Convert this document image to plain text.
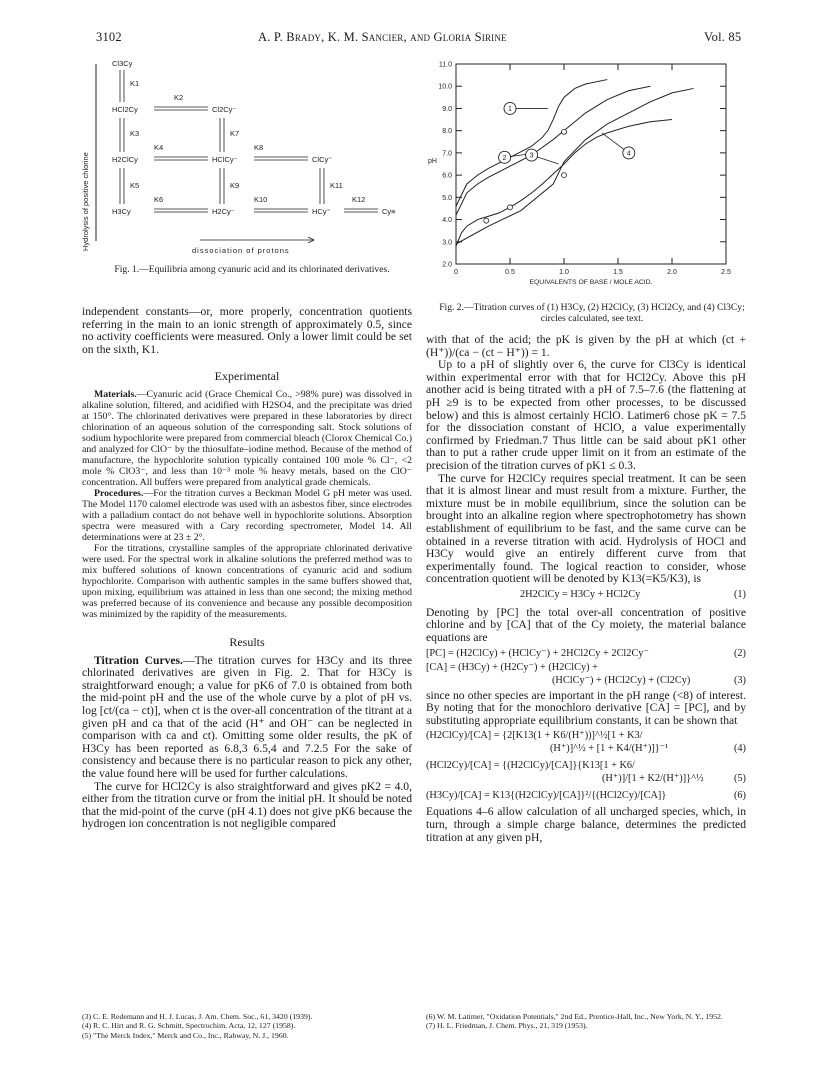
3102	A. P. Brady, K. M. Sancier, and Gloria Sirine	Vol. 85
Hydrolysis of positive chlorine
Cl3Cy
HCl2Cy	Cl2Cy⁻
H2ClCy	HClCy⁻	ClCy⁼
H3Cy	H2Cy⁻	HCy⁼	Cy≡
K1
K2
K3
K4
K5
K6
K7
K8
K9
K10
K11
K12
dissociation of protons
Fig. 1.—Equilibria among cyanuric acid and its chlorinated derivatives.	2.0
3.0
4.0
5.0
6.0
7.0
8.0
9.0
10.0
11.0
0	0.5	1.0	1.5	2.0	2.5
pH
EQUIVALENTS OF BASE / MOLE ACID.
1
2	3	4
Fig. 2.—Titration curves of (1) H3Cy, (2) H2ClCy, (3) HCl2Cy, and (4) Cl3Cy; circles calculated, see text.

independent constants—or, more properly, concentration quotients referring in the main to an ionic strength of approximately 0.5, since no activity coefficients were measured. Only a lower limit could be set on the sixth, K1.

Experimental

Materials.—Cyanuric acid (Grace Chemical Co., >98% pure) was dissolved in alkaline solution, filtered, and acidified with H2SO4, and the precipitate was dried at 150°. The chlorinated derivatives were prepared in these laboratories by direct chlorination of an aqueous solution of the corresponding salt. Stock solutions of sodium hypochlorite were prepared from commercial bleach (Clorox Chemical Co.) and analyzed for ClO⁻ by the thiosulfate–iodine method. Because of the method of manufacture, the hypochlorite solution typically contained 100 mole % Cl⁻, <2 mole % ClO3⁻, and less than 10⁻³ mole % heavy metals, based on the ClO⁻ concentration. All buffers were prepared from analytical grade chemicals.

Procedures.—For the titration curves a Beckman Model G pH meter was used. The Model 1170 calomel electrode was used with an asbestos fiber, since electrodes with a palladium contact do not behave well in hypochlorite solutions. Absorption spectra were measured with a Cary recording spectrometer, Model 14. All determinations were at 23 ± 2°.

For the titrations, crystalline samples of the appropriate chlorinated derivative were used. For the spectral work in alkaline solutions the preferred method was to mix buffered solutions of known concentrations of cyanuric acid and sodium hypochlorite. Comparison with authentic samples in the same buffers showed that, upon mixing, equilibrium was attained in less than one second; the mixing method was preferred because of its convenience and because any possible decomposition was minimized by the rapidity of the measurements.

Results

Titration Curves.—The titration curves for H3Cy and its three chlorinated derivatives are given in Fig. 2. That for H3Cy is straightforward enough; a value for pK6 of 7.0 is obtained from both the mid-point pH and the use of the whole curve by a plot of pH vs. log [ct/(ca − ct)], when ct is the over-all concentration of the titrant at a given pH and ca that of the acid (H⁺ and OH⁻ can be neglected in comparison with ca and ct). Omitting some older results, the pK of H3Cy has been reported as 6.8,3 6.5,4 and 7.2.5 For the sake of consistency and because there is no particular reason to pick any other, the value found here will be used for further calculations.

The curve for HCl2Cy is also straightforward and gives pK2 = 4.0, either from the titration curve or from the initial pH. It should be noted that the mid-point of the curve (pH 4.1) does not give pK6 because the hydrogen ion concentration is not negligible compared

(3) C. E. Redemann and H. J. Lucas, J. Am. Chem. Soc., 61, 3420 (1939).
(4) R. C. Hirt and R. G. Schmitt, Spectrochim. Acta, 12, 127 (1958).
(5) "The Merck Index," Merck and Co., Inc., Rahway, N. J., 1960.

with that of the acid; the pK is given by the pH at which (ct + (H⁺))/(ca − (ct − H⁺)) = 1.

Up to a pH of slightly over 6, the curve for Cl3Cy is identical within experimental error with that for HCl2Cy. Above this pH another acid is being titrated with a pH of 7.5–7.6 (the flattening at pH ≥9 is to be expected from other processes, to be discussed below) and this is almost certainly HClO. Latimer6 chose pK = 7.5 for the dissociation constant of HClO, a value experimentally confirmed by Friedman.7 Thus little can be said about pK1 other than to put a rather crude upper limit on it from an estimate of the precision of the titration curves of pK1 ≤ 0.3.

The curve for H2ClCy requires special treatment. It can be seen that it is almost linear and must result from a mixture. Further, the mixture must be in mobile equilibrium, since the solution can be brought into an alkaline region where spectrophotometry has shown establishment of equilibrium to be fast, and the same curve can be obtained in a reverse titration with acid. Hydrolysis of HOCl and H3Cy would give an entirely different curve from that experimentally found. The logical reaction to consider, whose concentration quotient will be denoted by K13(=K5/K3), is

2H2ClCy = H3Cy + HCl2Cy	(1)

Denoting by [PC] the total over-all concentration of positive chlorine and by [CA] that of the Cy moiety, the material balance equations are

[PC] = (H2ClCy) + (HClCy⁻) + 2HCl2Cy + 2Cl2Cy⁻	(2)
[CA] = (H3Cy) + (H2Cy⁻) + (H2ClCy) +
(HClCy⁻) + (HCl2Cy) + (Cl2Cy)	(3)

since no other species are important in the pH range (<8) of interest. By noting that for the monochloro derivative [CA] = [PC], and by substituting appropriate equilibrium constants, it can be shown that

(H2ClCy)/[CA] = {2[K13(1 + K6/(H⁺))]^½[1 + K3/
(H⁺)]^½ + [1 + K4/(H⁺)]}⁻¹	(4)
(HCl2Cy)/[CA] = {(H2ClCy)/[CA]}{K13[1 + K6/
(H⁺)]/[1 + K2/(H⁺)]}^½	(5)
(H3Cy)/[CA] = K13{(H2ClCy)/[CA]}²/{(HCl2Cy)/[CA]}	(6)

Equations 4–6 allow calculation of all uncharged species, which, in turn, through a simple charge balance, determines the predicted titration at any given pH,

(6) W. M. Latimer, "Oxidation Potentials," 2nd Ed., Prentice-Hall, Inc., New York, N. Y., 1952.
(7) H. L. Friedman, J. Chem. Phys., 21, 319 (1953).
